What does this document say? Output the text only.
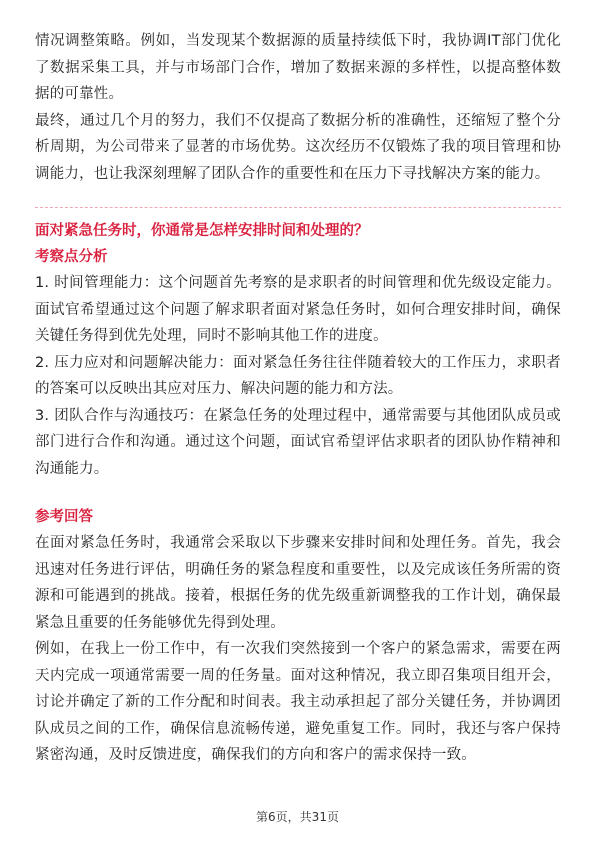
情况调整策略。例如，当发现某个数据源的质量持续低下时，我协调IT部门优化了数据采集工具，并与市场部门合作，增加了数据来源的多样性，以提高整体数据的可靠性。

最终，通过几个月的努力，我们不仅提高了数据分析的准确性，还缩短了整个分析周期，为公司带来了显著的市场优势。这次经历不仅锻炼了我的项目管理和协调能力，也让我深刻理解了团队合作的重要性和在压力下寻找解决方案的能力。

面对紧急任务时，你通常是怎样安排时间和处理的？

考察点分析

1. 时间管理能力：这个问题首先考察的是求职者的时间管理和优先级设定能力。面试官希望通过这个问题了解求职者面对紧急任务时，如何合理安排时间，确保关键任务得到优先处理，同时不影响其他工作的进度。

2. 压力应对和问题解决能力：面对紧急任务往往伴随着较大的工作压力，求职者的答案可以反映出其应对压力、解决问题的能力和方法。

3. 团队合作与沟通技巧：在紧急任务的处理过程中，通常需要与其他团队成员或部门进行合作和沟通。通过这个问题，面试官希望评估求职者的团队协作精神和沟通能力。

参考回答

在面对紧急任务时，我通常会采取以下步骤来安排时间和处理任务。首先，我会迅速对任务进行评估，明确任务的紧急程度和重要性，以及完成该任务所需的资源和可能遇到的挑战。接着，根据任务的优先级重新调整我的工作计划，确保最紧急且重要的任务能够优先得到处理。

例如，在我上一份工作中，有一次我们突然接到一个客户的紧急需求，需要在两天内完成一项通常需要一周的任务量。面对这种情况，我立即召集项目组开会，讨论并确定了新的工作分配和时间表。我主动承担起了部分关键任务，并协调团队成员之间的工作，确保信息流畅传递，避免重复工作。同时，我还与客户保持紧密沟通，及时反馈进度，确保我们的方向和客户的需求保持一致。

第6页，共31页
